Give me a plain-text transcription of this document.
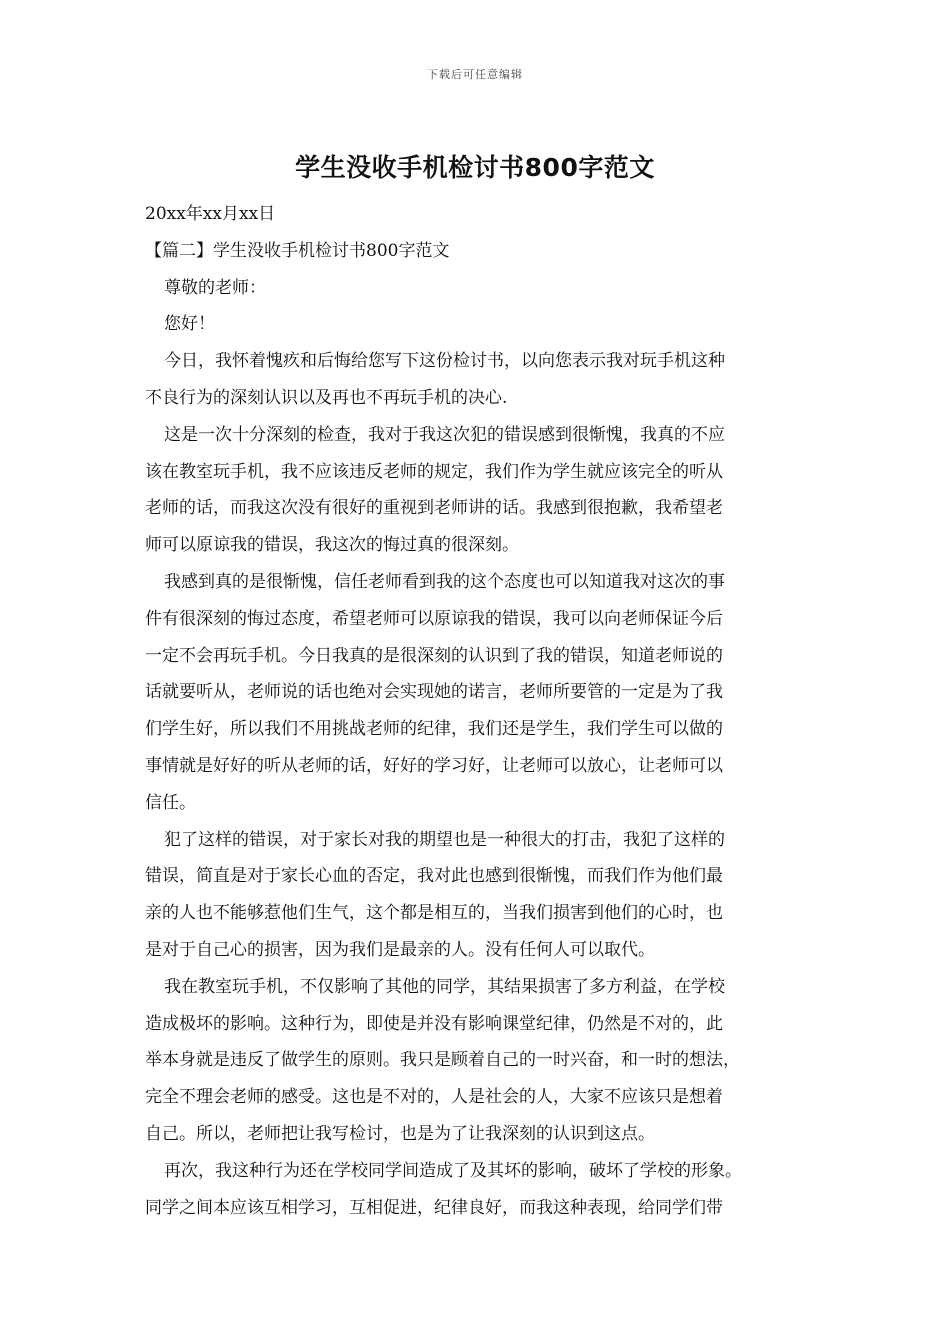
下载后可任意编辑
学生没收手机检讨书800字范文
20xx年xx月xx日
【篇二】学生没收手机检讨书800字范文
尊敬的老师：
您好！
今日，我怀着愧疚和后悔给您写下这份检讨书，以向您表示我对玩手机这种
不良行为的深刻认识以及再也不再玩手机的决心.
这是一次十分深刻的检查，我对于我这次犯的错误感到很惭愧，我真的不应
该在教室玩手机，我不应该违反老师的规定，我们作为学生就应该完全的听从
老师的话，而我这次没有很好的重视到老师讲的话。我感到很抱歉，我希望老
师可以原谅我的错误，我这次的悔过真的很深刻。
我感到真的是很惭愧，信任老师看到我的这个态度也可以知道我对这次的事
件有很深刻的悔过态度，希望老师可以原谅我的错误，我可以向老师保证今后
一定不会再玩手机。今日我真的是很深刻的认识到了我的错误，知道老师说的
话就要听从，老师说的话也绝对会实现她的诺言，老师所要管的一定是为了我
们学生好，所以我们不用挑战老师的纪律，我们还是学生，我们学生可以做的
事情就是好好的听从老师的话，好好的学习好，让老师可以放心，让老师可以
信任。
犯了这样的错误，对于家长对我的期望也是一种很大的打击，我犯了这样的
错误，简直是对于家长心血的否定，我对此也感到很惭愧，而我们作为他们最
亲的人也不能够惹他们生气，这个都是相互的，当我们损害到他们的心时，也
是对于自己心的损害，因为我们是最亲的人。没有任何人可以取代。
我在教室玩手机，不仅影响了其他的同学，其结果损害了多方利益，在学校
造成极坏的影响。这种行为，即使是并没有影响课堂纪律，仍然是不对的，此
举本身就是违反了做学生的原则。我只是顾着自己的一时兴奋，和一时的想法，
完全不理会老师的感受。这也是不对的，人是社会的人，大家不应该只是想着
自己。所以，老师把让我写检讨，也是为了让我深刻的认识到这点。
再次，我这种行为还在学校同学间造成了及其坏的影响，破坏了学校的形象。
同学之间本应该互相学习，互相促进，纪律良好，而我这种表现，给同学们带
